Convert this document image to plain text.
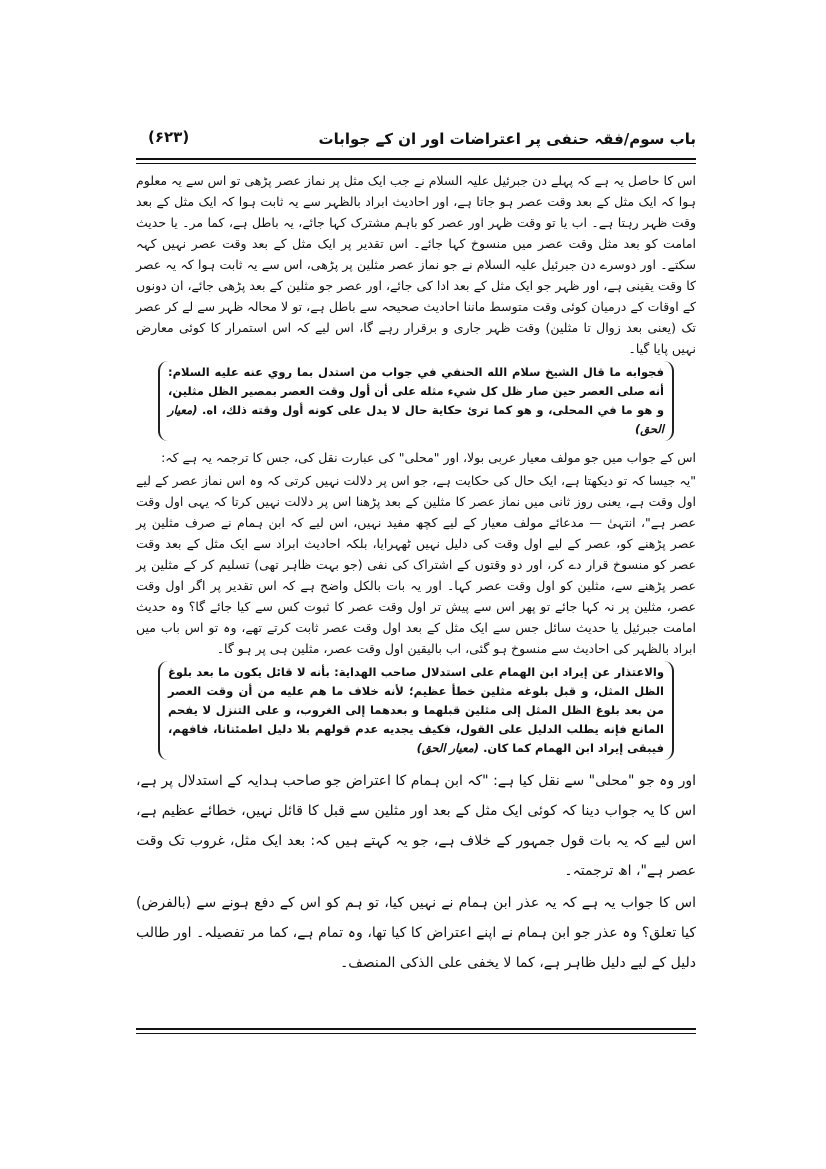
باب سوم/فقہ حنفی پر اعتراضات اور ان کے جوابات
(۶۲۳)

اس کا حاصل یہ ہے کہ پہلے دن جبرئیل علیہ السلام نے جب ایک مثل پر نماز عصر پڑھی تو اس سے یہ معلوم ہوا کہ ایک مثل کے بعد وقت عصر ہو جاتا ہے، اور احادیث ابراد بالظہر سے یہ ثابت ہوا کہ ایک مثل کے بعد وقت ظہر رہتا ہے۔ اب یا تو وقت ظہر اور عصر کو باہم مشترک کہا جائے، یہ باطل ہے، کما مر۔ یا حدیث امامت کو بعد مثل وقت عصر میں منسوخ کہا جائے۔ اس تقدیر پر ایک مثل کے بعد وقت عصر نہیں کہہ سکتے۔ اور دوسرے دن جبرئیل علیہ السلام نے جو نماز عصر مثلین پر پڑھی، اس سے یہ ثابت ہوا کہ یہ عصر کا وقت یقینی ہے، اور ظہر جو ایک مثل کے بعد ادا کی جائے، اور عصر جو مثلین کے بعد پڑھی جائے، ان دونوں کے اوقات کے درمیان کوئی وقت متوسط ماننا احادیث صحیحہ سے باطل ہے، تو لا محالہ ظہر سے لے کر عصر تک (یعنی بعد زوال تا مثلین) وقت ظہر جاری و برقرار رہے گا، اس لیے کہ اس استمرار کا کوئی معارض نہیں پایا گیا۔

فجوابه ما قال الشيخ سلام الله الحنفي في جواب من استدل بما روي عنه عليه السلام: أنه صلى العصر حين صار ظل كل شيء مثله على أن أول وقت العصر بمصير الظل مثلين، و هو ما في المحلى، و هو كما ترئ حكاية حال لا يدل على كونه أول وقته ذلك، اه. (معیار الحق)

اس کے جواب میں جو مولف معیار عربی بولا، اور "محلی" کی عبارت نقل کی، جس کا ترجمہ یہ ہے کہ:

"یہ جیسا کہ تو دیکھتا ہے، ایک حال کی حکایت ہے، جو اس پر دلالت نہیں کرتی کہ وہ اس نماز عصر کے لیے اول وقت ہے، یعنی روز ثانی میں نماز عصر کا مثلین کے بعد پڑھنا اس پر دلالت نہیں کرتا کہ یہی اول وقت عصر ہے"، انتہیٰ — مدعائے مولف معیار کے لیے کچھ مفید نہیں، اس لیے کہ ابن ہمام نے صرف مثلین پر عصر پڑھنے کو، عصر کے لیے اول وقت کی دلیل نہیں ٹھہرایا، بلکہ احادیث ابراد سے ایک مثل کے بعد وقت عصر کو منسوخ قرار دے کر، اور دو وقتوں کے اشتراک کی نفی (جو بہت ظاہر تھی) تسلیم کر کے مثلین پر عصر پڑھنے سے، مثلین کو اول وقت عصر کہا۔ اور یہ بات بالکل واضح ہے کہ اس تقدیر پر اگر اول وقت عصر، مثلین پر نہ کہا جائے تو پھر اس سے پیش تر اول وقت عصر کا ثبوت کس سے کیا جائے گا؟ وہ حدیث امامت جبرئیل یا حدیث سائل جس سے ایک مثل کے بعد اول وقت عصر ثابت کرتے تھے، وہ تو اس باب میں ابراد بالظہر کی احادیث سے منسوخ ہو گئی، اب بالیقین اول وقت عصر، مثلین ہی پر ہو گا۔

والاعتذار عن إيراد ابن الهمام على استدلال صاحب الهداية: بأنه لا قائل يكون ما بعد بلوغ الظل المثل، و قبل بلوغه مثلين خطأ عظيم؛ لأنه خلاف ما هم عليه من أن وقت العصر من بعد بلوغ الظل المثل إلى مثلين قبلهما و بعدهما إلى الغروب، و على التنزل لا يفحم المانع فإنه يطلب الدليل على القول، فكيف يجديه عدم قولهم بلا دليل اطمئنانا، فافهم، فيبقى إيراد ابن الهمام كما كان. (معیار الحق)

اور وہ جو "محلی" سے نقل کیا ہے: "کہ ابن ہمام کا اعتراض جو صاحب ہدایہ کے استدلال پر ہے، اس کا یہ جواب دینا کہ کوئی ایک مثل کے بعد اور مثلین سے قبل کا قائل نہیں، خطائے عظیم ہے، اس لیے کہ یہ بات قول جمہور کے خلاف ہے، جو یہ کہتے ہیں کہ: بعد ایک مثل، غروب تک وقت عصر ہے"، اھ ترجمتہ۔

اس کا جواب یہ ہے کہ یہ عذر ابن ہمام نے نہیں کیا، تو ہم کو اس کے دفع ہونے سے (بالفرض) کیا تعلق؟ وہ عذر جو ابن ہمام نے اپنے اعتراض کا کیا تھا، وہ تمام ہے، کما مر تفصیلہ۔ اور طالب دلیل کے لیے دلیل ظاہر ہے، کما لا یخفی علی الذکی المنصف۔
